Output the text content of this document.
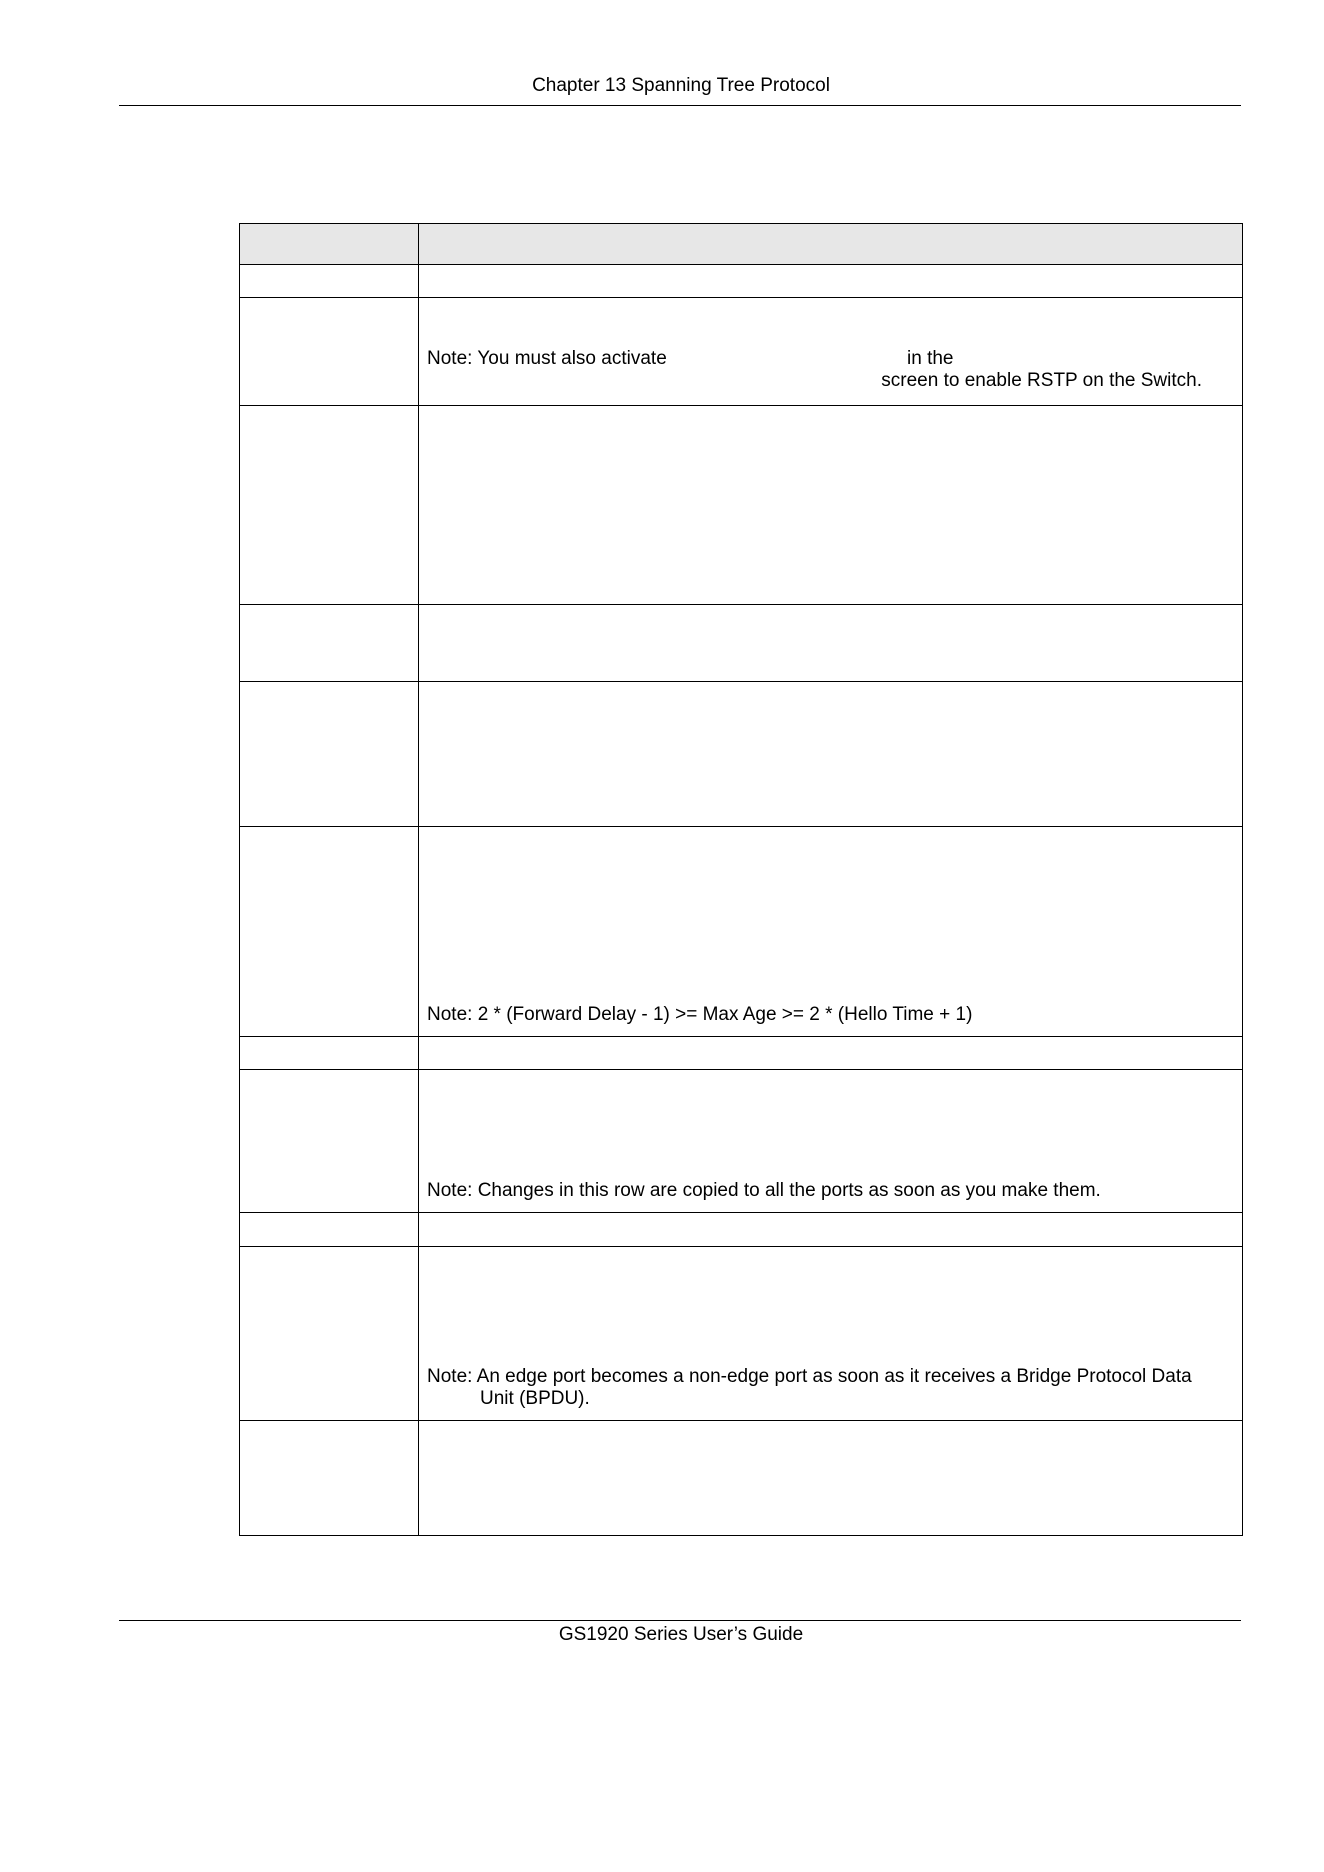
Chapter 13 Spanning Tree Protocol

	Note: You must also activate in the
screen to enable RSTP on the Switch.

	Note: 2 * (Forward Delay - 1) >= Max Age >= 2 * (Hello Time + 1)

	Note: Changes in this row are copied to all the ports as soon as you make them.

	Note: An edge port becomes a non-edge port as soon as it receives a Bridge Protocol Data
Unit (BPDU).

GS1920 Series User’s Guide
